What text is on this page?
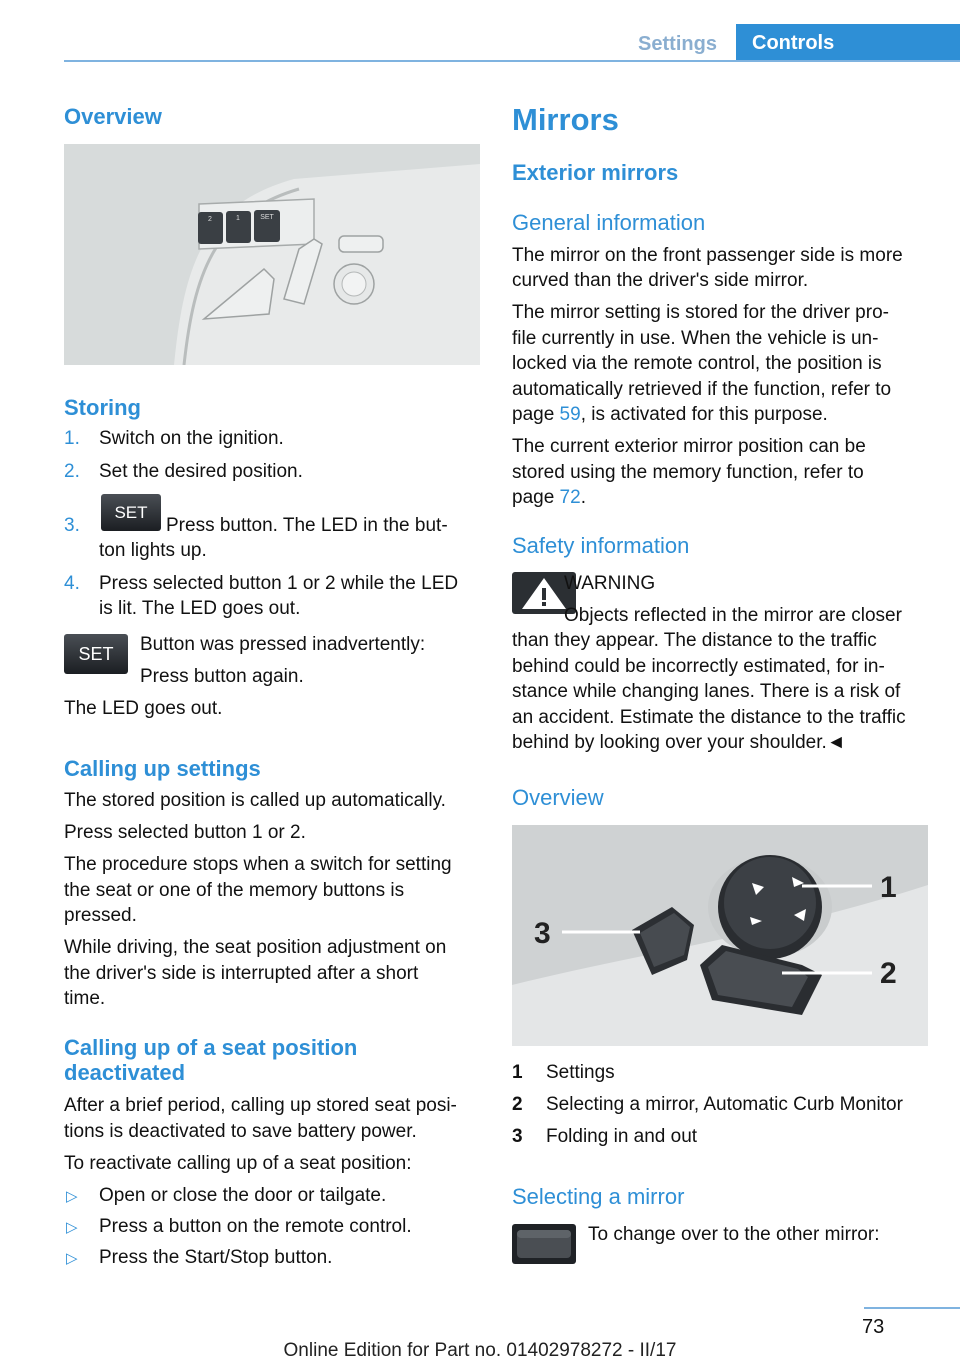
Settings	Controls
Overview
2	1	SET
Storing
1. Switch on the ignition.

2. Set the desired position.

3.
SET

Press button. The LED in the but-

ton lights up.

4. Press selected button 1 or 2 while the LED

is lit. The LED goes out.

SET Button was pressed inadvertently:

Press button again.

The LED goes out.

Calling up settings

The stored position is called up automatically.

Press selected button 1 or 2.

The procedure stops when a switch for setting

the seat or one of the memory buttons is

pressed.

While driving, the seat position adjustment on

the driver's side is interrupted after a short

time.

Calling up of a seat position
deactivated

After a brief period, calling up stored seat posi-

tions is deactivated to save battery power.

To reactivate calling up of a seat position:

▷ Open or close the door or tailgate.

▷ Press a button on the remote control.

▷ Press the Start/Stop button.

Mirrors
Exterior mirrors
General information

The mirror on the front passenger side is more

curved than the driver's side mirror.

The mirror setting is stored for the driver pro-

file currently in use. When the vehicle is un-

locked via the remote control, the position is

automatically retrieved if the function, refer to

page 59, is activated for this purpose.

The current exterior mirror position can be

stored using the memory function, refer to

page 72.

Safety information

WARNING

Objects reflected in the mirror are closer

than they appear. The distance to the traffic

behind could be incorrectly estimated, for in-

stance while changing lanes. There is a risk of

an accident. Estimate the distance to the traffic

behind by looking over your shoulder.◄

Overview
1
2
3

1 Settings

2 Selecting a mirror, Automatic Curb Monitor

3 Folding in and out

Selecting a mirror

To change over to the other mirror:

73
Online Edition for Part no. 01402978272 - II/17
